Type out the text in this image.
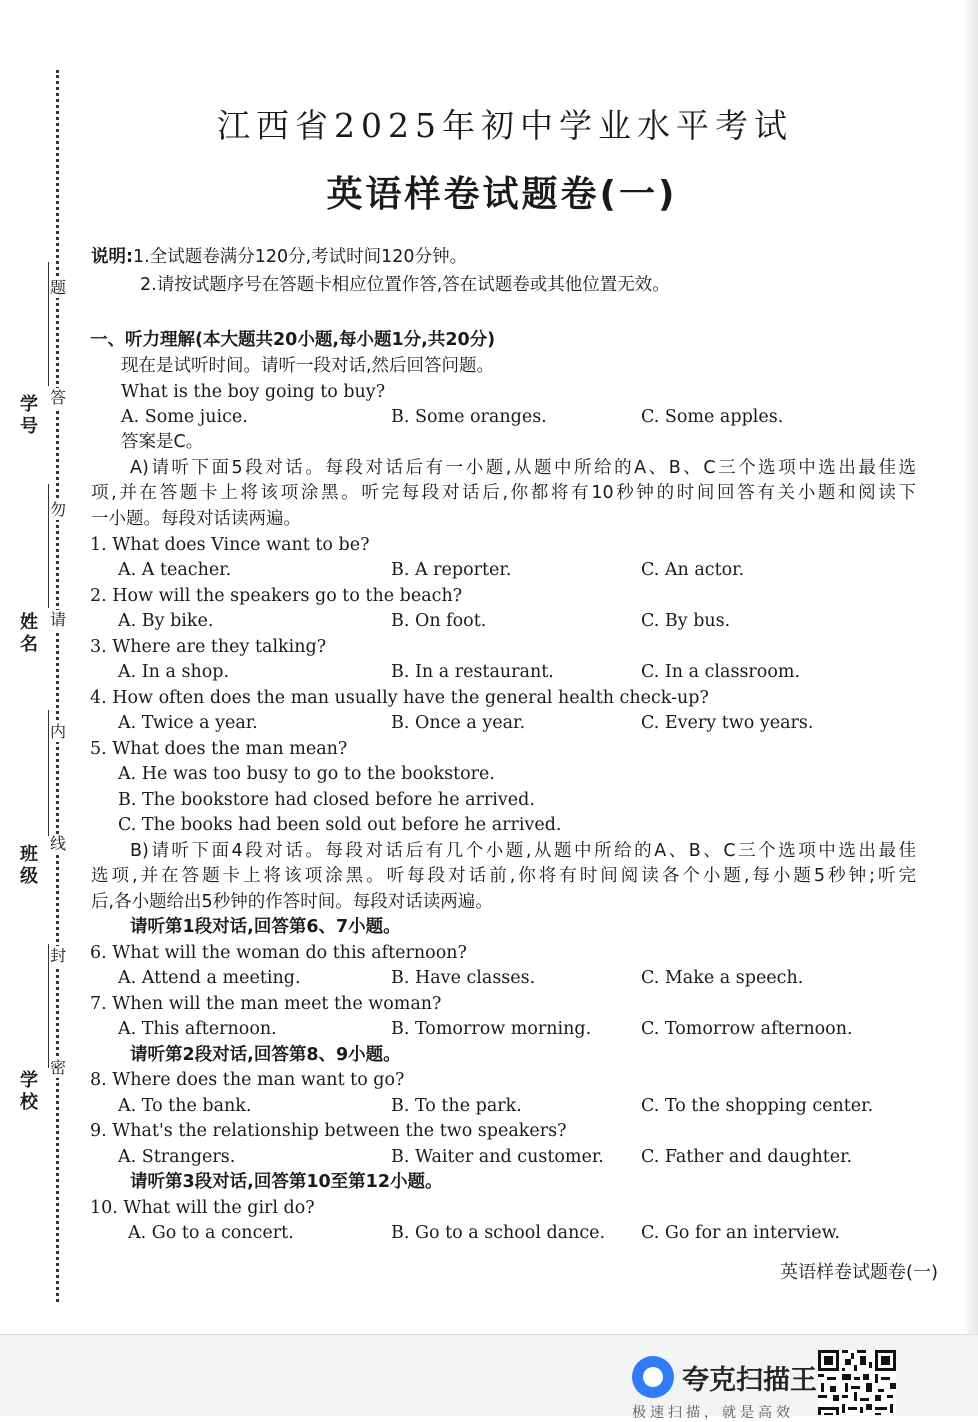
题
答
勿
请
内
线
封
密
学号
姓名
班级
学校
江西省2025年初中学业水平考试
英语样卷试题卷(一)
说明:1.全试题卷满分120分,考试时间120分钟。
2.请按试题序号在答题卡相应位置作答,答在试题卷或其他位置无效。
一、听力理解(本大题共20小题,每小题1分,共20分)
现在是试听时间。请听一段对话,然后回答问题。
What is the boy going to buy?
A. Some juice.	B. Some oranges.	C. Some apples.
答案是C。
A)请听下面5段对话。每段对话后有一小题,从题中所给的A、B、C三个选项中选出最佳选
项,并在答题卡上将该项涂黑。听完每段对话后,你都将有10秒钟的时间回答有关小题和阅读下
一小题。每段对话读两遍。
1. What does Vince want to be?
A. A teacher.	B. A reporter.	C. An actor.
2. How will the speakers go to the beach?
A. By bike.	B. On foot.	C. By bus.
3. Where are they talking?
A. In a shop.	B. In a restaurant.	C. In a classroom.
4. How often does the man usually have the general health check-up?
A. Twice a year.	B. Once a year.	C. Every two years.
5. What does the man mean?
A. He was too busy to go to the bookstore.
B. The bookstore had closed before he arrived.
C. The books had been sold out before he arrived.
B)请听下面4段对话。每段对话后有几个小题,从题中所给的A、B、C三个选项中选出最佳
选项,并在答题卡上将该项涂黑。听每段对话前,你将有时间阅读各个小题,每小题5秒钟;听完
后,各小题给出5秒钟的作答时间。每段对话读两遍。
请听第1段对话,回答第6、7小题。
6. What will the woman do this afternoon?
A. Attend a meeting.	B. Have classes.	C. Make a speech.
7. When will the man meet the woman?
A. This afternoon.	B. Tomorrow morning.	C. Tomorrow afternoon.
请听第2段对话,回答第8、9小题。
8. Where does the man want to go?
A. To the bank.	B. To the park.	C. To the shopping center.
9. What's the relationship between the two speakers?
A. Strangers.	B. Waiter and customer. C. Father and daughter.
请听第3段对话,回答第10至第12小题。
10. What will the girl do?
A. Go to a concert.	B. Go to a school dance. C. Go for an interview.
英语样卷试题卷(一)
夸克扫描王
极速扫描，就是高效
